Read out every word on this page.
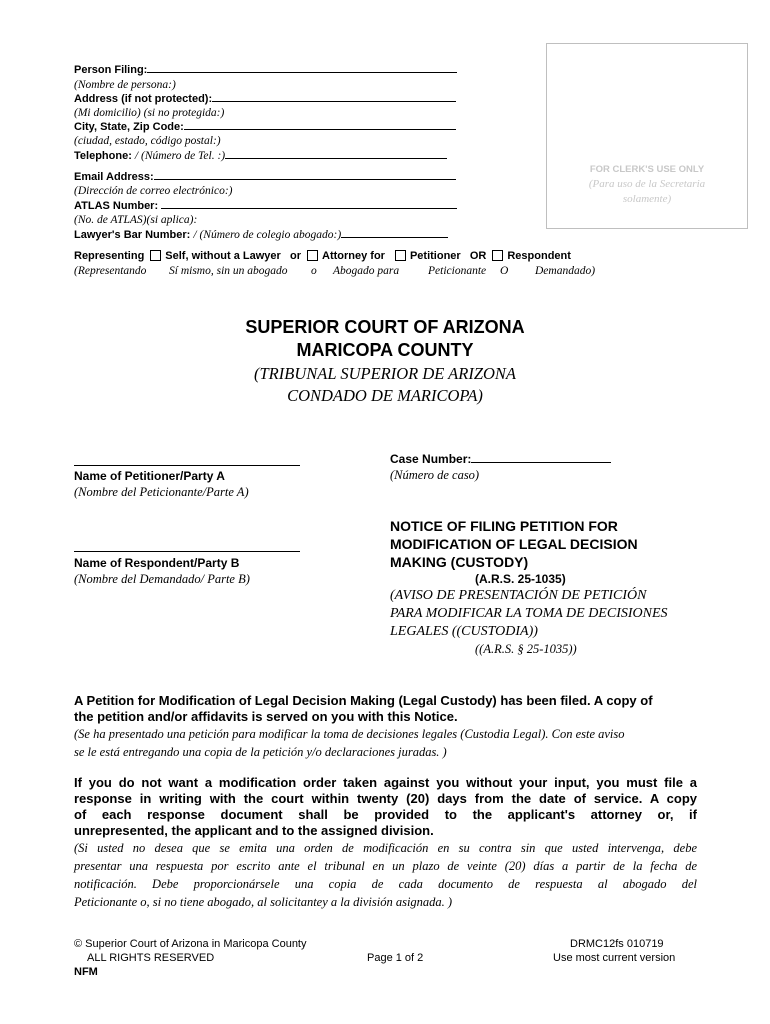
Person Filing:
(Nombre de persona:)
Address (if not protected):
(Mi domicilio) (si no protegida:)
City, State, Zip Code:
(ciudad, estado, código postal:)
Telephone: / (Número de Tel. :)
Email Address:
(Dirección de correo electrónico:)
ATLAS Number:
(No. de ATLAS)(si aplica):
Lawyer's Bar Number: / (Número de colegio abogado:)
Representing Self, without a Lawyer or Attorney for Petitioner OR Respondent
(Representando Sí mismo, sin un abogado o Abogado para	Peticionante O Demandado)
FOR CLERK'S USE ONLY
(Para uso de la Secretaria
solamente)
SUPERIOR COURT OF ARIZONA
MARICOPA COUNTY
(TRIBUNAL SUPERIOR DE ARIZONA
CONDADO DE MARICOPA)
Name of Petitioner/Party A
(Nombre del Peticionante/Parte A)
Name of Respondent/Party B
(Nombre del Demandado/ Parte B)
Case Number:
(Número de caso)
NOTICE OF FILING PETITION FOR
MODIFICATION OF LEGAL DECISION
MAKING (CUSTODY)
(A.R.S. 25-1035)
(AVISO DE PRESENTACIÓN DE PETICIÓN
PARA MODIFICAR LA TOMA DE DECISIONES
LEGALES ((CUSTODIA))
((A.R.S. § 25-1035))
A Petition for Modification of Legal Decision Making (Legal Custody) has been filed. A copy of
the petition and/or affidavits is served on you with this Notice.
(Se ha presentado una petición para modificar la toma de decisiones legales (Custodia Legal). Con este aviso
se le está entregando una copia de la petición y/o declaraciones juradas. )
If you do not want a modification order taken against you without your input, you must file a
response in writing with the court within twenty (20) days from the date of service. A copy
of each response document shall be provided to the applicant's attorney or, if
unrepresented, the applicant and to the assigned division.
(Si usted no desea que se emita una orden de modificación en su contra sin que usted intervenga, debe
presentar una respuesta por escrito ante el tribunal en un plazo de veinte (20) días a partir de la fecha de
notificación. Debe proporcionársele una copia de cada documento de respuesta al abogado del
Peticionante o, si no tiene abogado, al solicitantey a la división asignada. )
© Superior Court of Arizona in Maricopa County
ALL RIGHTS RESERVED
NFM
Page 1 of 2
DRMC12fs 010719
Use most current version
